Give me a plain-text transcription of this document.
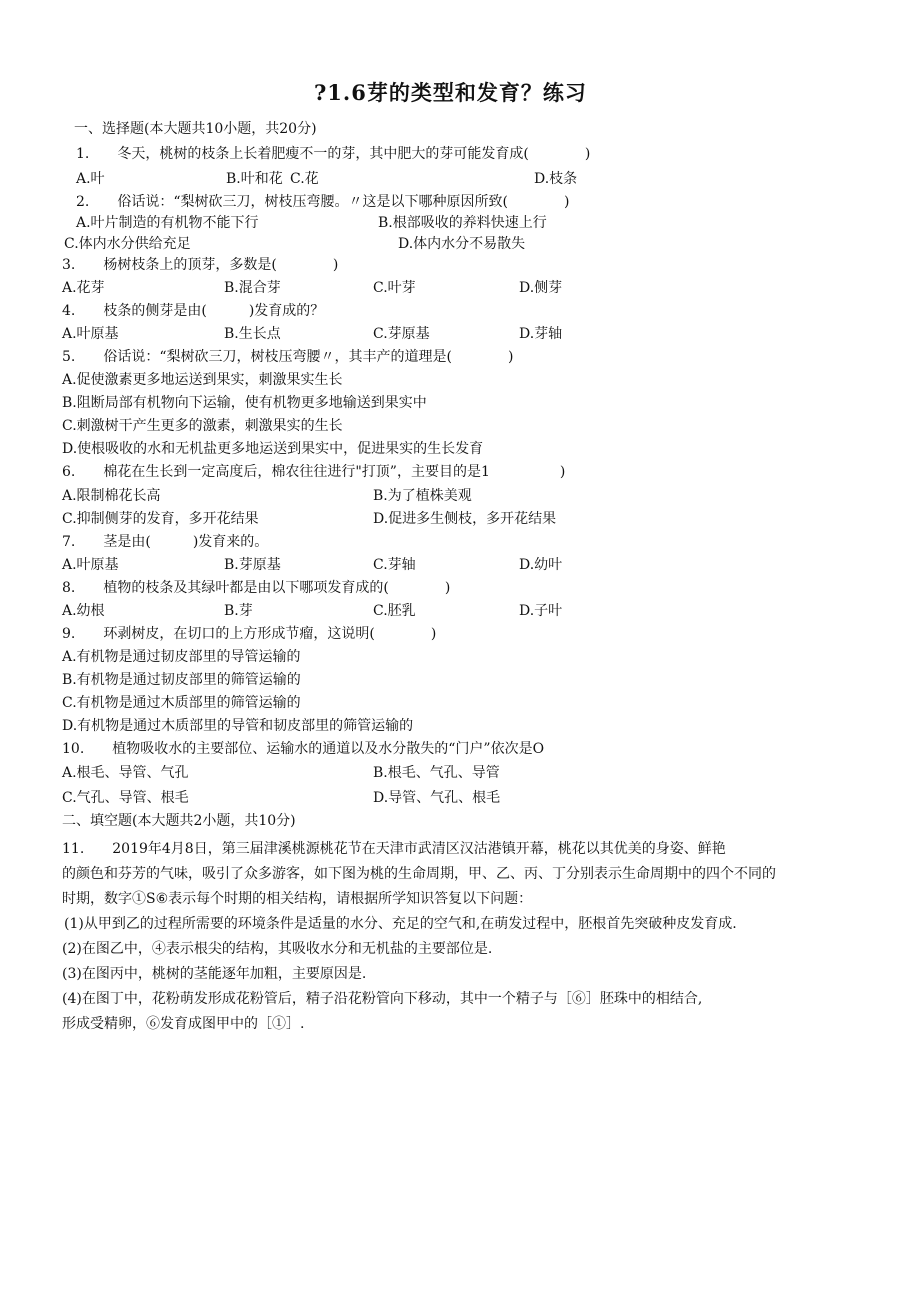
?1.6芽的类型和发育？练习
一、选择题(本大题共10小题，共20分)
1.　　冬天，桃树的枝条上长着肥瘦不一的芽，其中肥大的芽可能发育成(　　　　)
A.叶	B.叶和花 C.花	D.枝条
2.　　俗话说：“梨树砍三刀，树枝压弯腰。〃这是以下哪种原因所致(　　　　)
A.叶片制造的有机物不能下行	B.根部吸收的养料快速上行
C.体内水分供给充足	D.体内水分不易散失
3.　　杨树枝条上的顶芽，多数是(　　　　)
A.花芽	B.混合芽	C.叶芽	D.侧芽
4.　　枝条的侧芽是由(　　　)发育成的？
A.叶原基	B.生长点	C.芽原基	D.芽轴
5.　　俗话说：“梨树砍三刀，树枝压弯腰〃，其丰产的道理是(　　　　)
A.促使激素更多地运送到果实，刺激果实生长
B.阻断局部有机物向下运输，使有机物更多地输送到果实中
C.刺激树干产生更多的激素，刺激果实的生长
D.使根吸收的水和无机盐更多地运送到果实中，促进果实的生长发育
6.　　棉花在生长到一定高度后，棉农往往进行"打顶”，主要目的是1　　　　　)
A.限制棉花长高	B.为了植株美观
C.抑制侧芽的发育，多开花结果	D.促进多生侧枝，多开花结果
7.　　茎是由(　　　)发育来的。
A.叶原基	B.芽原基	C.芽轴	D.幼叶
8.　　植物的枝条及其绿叶都是由以下哪项发育成的(　　　　)
A.幼根	B.芽	C.胚乳	D.子叶
9.　　环剥树皮，在切口的上方形成节瘤，这说明(　　　　)
A.有机物是通过韧皮部里的导管运输的
B.有机物是通过韧皮部里的筛管运输的
C.有机物是通过木质部里的筛管运输的
D.有机物是通过木质部里的导管和韧皮部里的筛管运输的
10.　　植物吸收水的主要部位、运输水的通道以及水分散失的“门户”依次是O
A.根毛、导管、气孔	B.根毛、气孔、导管
C.气孔、导管、根毛	D.导管、气孔、根毛
二、填空题(本大题共2小题，共10分)
11.　　2019年4月8日，第三届津溪桃源桃花节在天津市武清区汉沽港镇开幕，桃花以其优美的身姿、鲜艳
的颜色和芬芳的气味，吸引了众多游客，如下图为桃的生命周期，甲、乙、丙、丁分别表示生命周期中的四个不同的
时期，数字①S⑥表示每个时期的相关结构，请根据所学知识答复以下问题：
(1)从甲到乙的过程所需要的环境条件是适量的水分、充足的空气和,在萌发过程中，胚根首先突破种皮发育成.
(2)在图乙中，④表示根尖的结构，其吸收水分和无机盐的主要部位是.
(3)在图丙中，桃树的茎能逐年加粗，主要原因是.
(4)在图丁中，花粉萌发形成花粉管后，精子沿花粉管向下移动，其中一个精子与［⑥］胚珠中的相结合,
形成受精卵，⑥发育成图甲中的［①］.
